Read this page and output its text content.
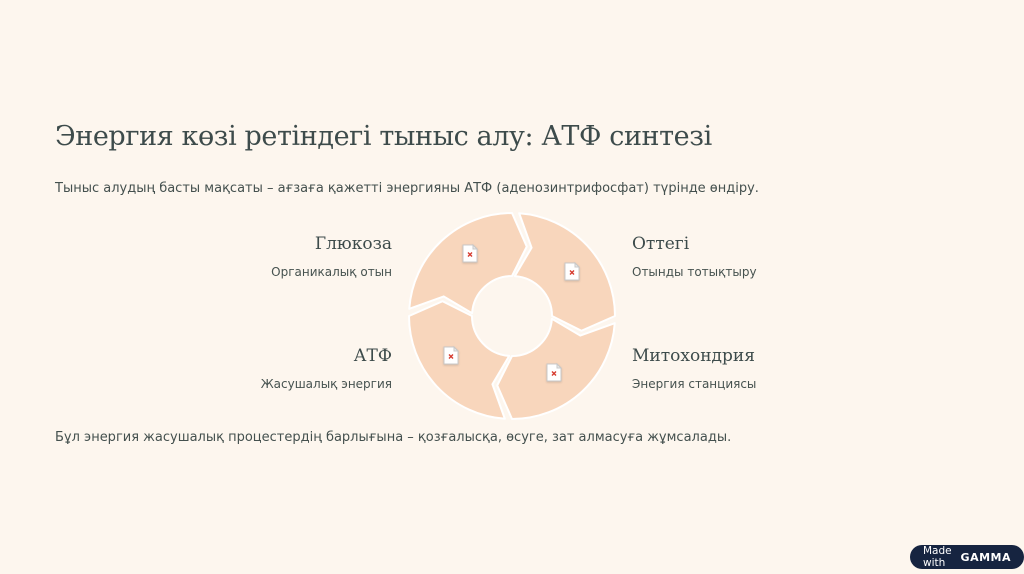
Энергия көзі ретіндегі тыныс алу: АТФ синтезі

Тыныс алудың басты мақсаты – ағзаға қажетті энергияны АТФ (аденозинтрифосфат) түрінде өндіру.

Глюкоза
Органикалық отын
Оттегі
Отынды тотықтыру
АТФ
Жасушалық энергия
Митохондрия
Энергия станциясы

Бұл энергия жасушалық процестердің барлығына – қозғалысқа, өсуге, зат алмасуға жұмсалады.

Made with	GAMMA
